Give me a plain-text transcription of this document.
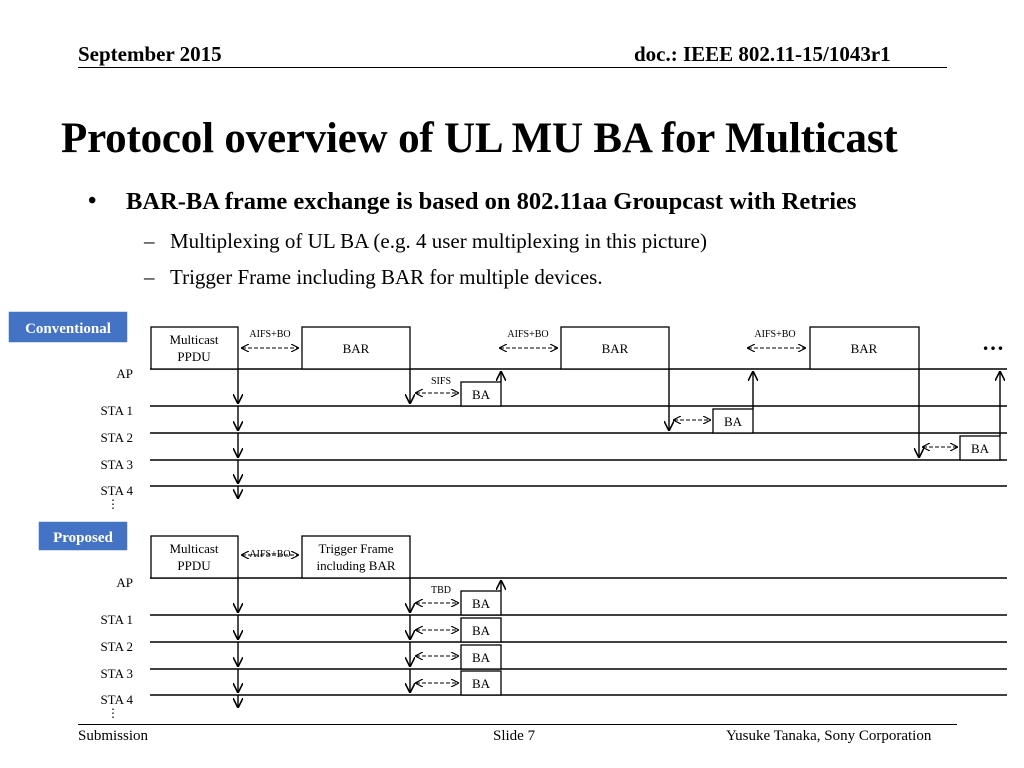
September 2015	doc.: IEEE 802.11-15/1043r1
Protocol overview of UL MU BA for Multicast
• BAR-BA frame exchange is based on 802.11aa Groupcast with Retries
– Multiplexing of UL BA (e.g. 4 user multiplexing in this picture)
– Trigger Frame including BAR for multiple devices.
Conventional
AP
STA 1
STA 2
STA 3
STA 4
Multicast
PPDU
AIFS+BO
BAR
SIFS
BA
AIFS+BO
BAR
BA
AIFS+BO
BAR
BA
…
⋮
Proposed
AP
STA 1
STA 2
STA 3
STA 4
Multicast
PPDU
AIFS+BO Trigger Frame
including BAR
TBD
BA
BA
BA
BA
⋮
Submission	Slide 7	Yusuke Tanaka, Sony Corporation
